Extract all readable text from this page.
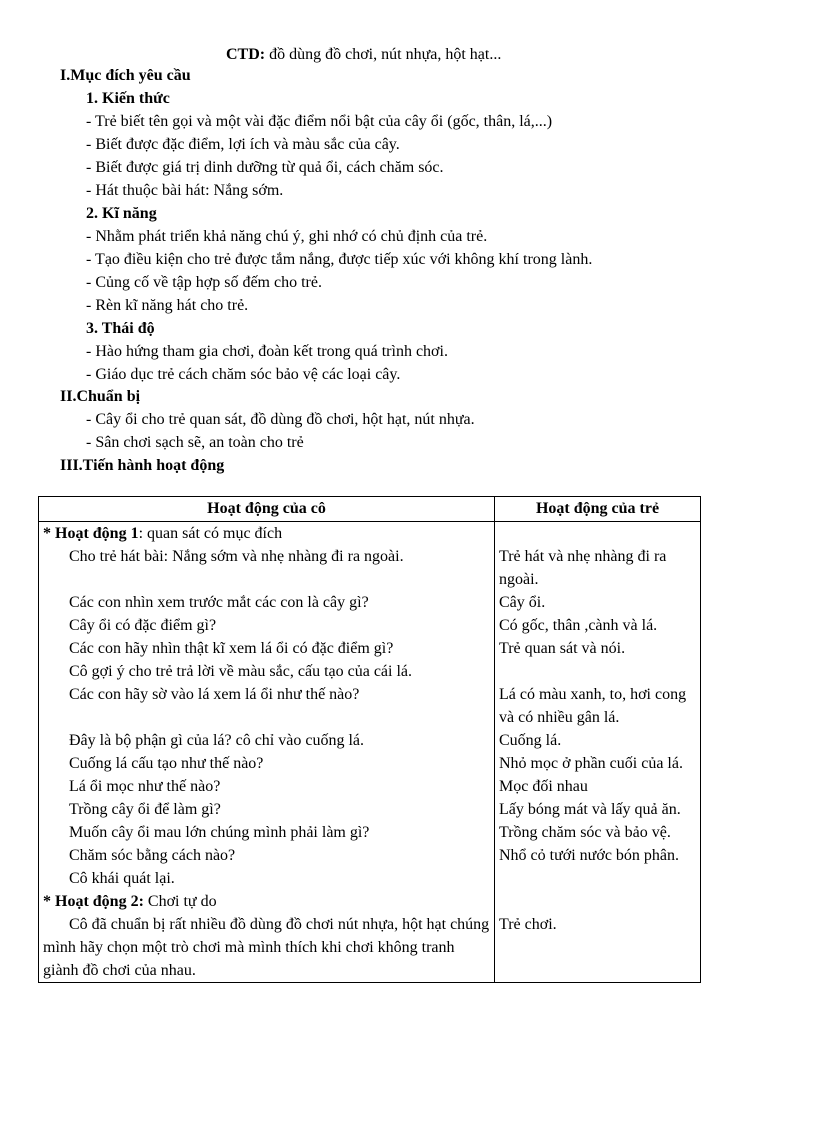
CTD: đồ dùng đồ chơi, nút nhựa, hột hạt...
I.Mục đích yêu cầu
1. Kiến thức
- Trẻ biết tên gọi và một vài đặc điểm nổi bật của cây ổi (gốc, thân, lá,...)
- Biết được đặc điểm, lợi ích và màu sắc của cây.
- Biết được giá trị dinh dưỡng từ quả ổi, cách chăm sóc.
- Hát thuộc bài hát: Nắng sớm.
2. Kĩ năng
- Nhằm phát triển khả năng chú ý, ghi nhớ có chủ định của trẻ.
- Tạo điều kiện cho trẻ được tắm nắng, được tiếp xúc với không khí trong lành.
- Củng cố về tập hợp số đếm cho trẻ.
- Rèn kĩ năng hát cho trẻ.
3. Thái độ
- Hào hứng tham gia chơi, đoàn kết trong quá trình chơi.
- Giáo dục trẻ cách chăm sóc bảo vệ các loại cây.
II.Chuẩn bị
- Cây ổi cho trẻ quan sát, đồ dùng đồ chơi, hột hạt, nút nhựa.
- Sân chơi sạch sẽ, an toàn cho trẻ
III.Tiến hành hoạt động
Hoạt động của cô	Hoạt động của trẻ
* Hoạt động 1: quan sát có mục đích	
Cho trẻ hát bài: Nắng sớm và nhẹ nhàng đi ra ngoài.	Trẻ hát và nhẹ nhàng đi ra ngoài.
Các con nhìn xem trước mắt các con là cây gì?	Cây ổi.
Cây ổi có đặc điểm gì?	Có gốc, thân ,cành và lá.
Các con hãy nhìn thật kĩ xem lá ổi có đặc điểm gì?	Trẻ quan sát và nói.
Cô gợi ý cho trẻ trả lời về màu sắc, cấu tạo của cái lá.	
Các con hãy sờ vào lá xem lá ổi như thế nào?	Lá có màu xanh, to, hơi cong và có nhiều gân lá.
Đây là bộ phận gì của lá? cô chỉ vào cuống lá.	Cuống lá.
Cuống lá cấu tạo như thế nào?	Nhỏ mọc ở phần cuối của lá.
Lá ổi mọc như thế nào?	Mọc đối nhau
Trồng cây ổi để làm gì?	Lấy bóng mát và lấy quả ăn.
Muốn cây ổi mau lớn chúng mình phải làm gì?	Trồng chăm sóc và bảo vệ.
Chăm sóc bằng cách nào?	Nhổ cỏ tưới nước bón phân.
Cô khái quát lại.	
* Hoạt động 2: Chơi tự do	
Cô đã chuẩn bị rất nhiều đồ dùng đồ chơi nút nhựa, hột hạt chúng mình hãy chọn một trò chơi mà mình thích khi chơi không tranh giành đồ chơi của nhau.	Trẻ chơi.
